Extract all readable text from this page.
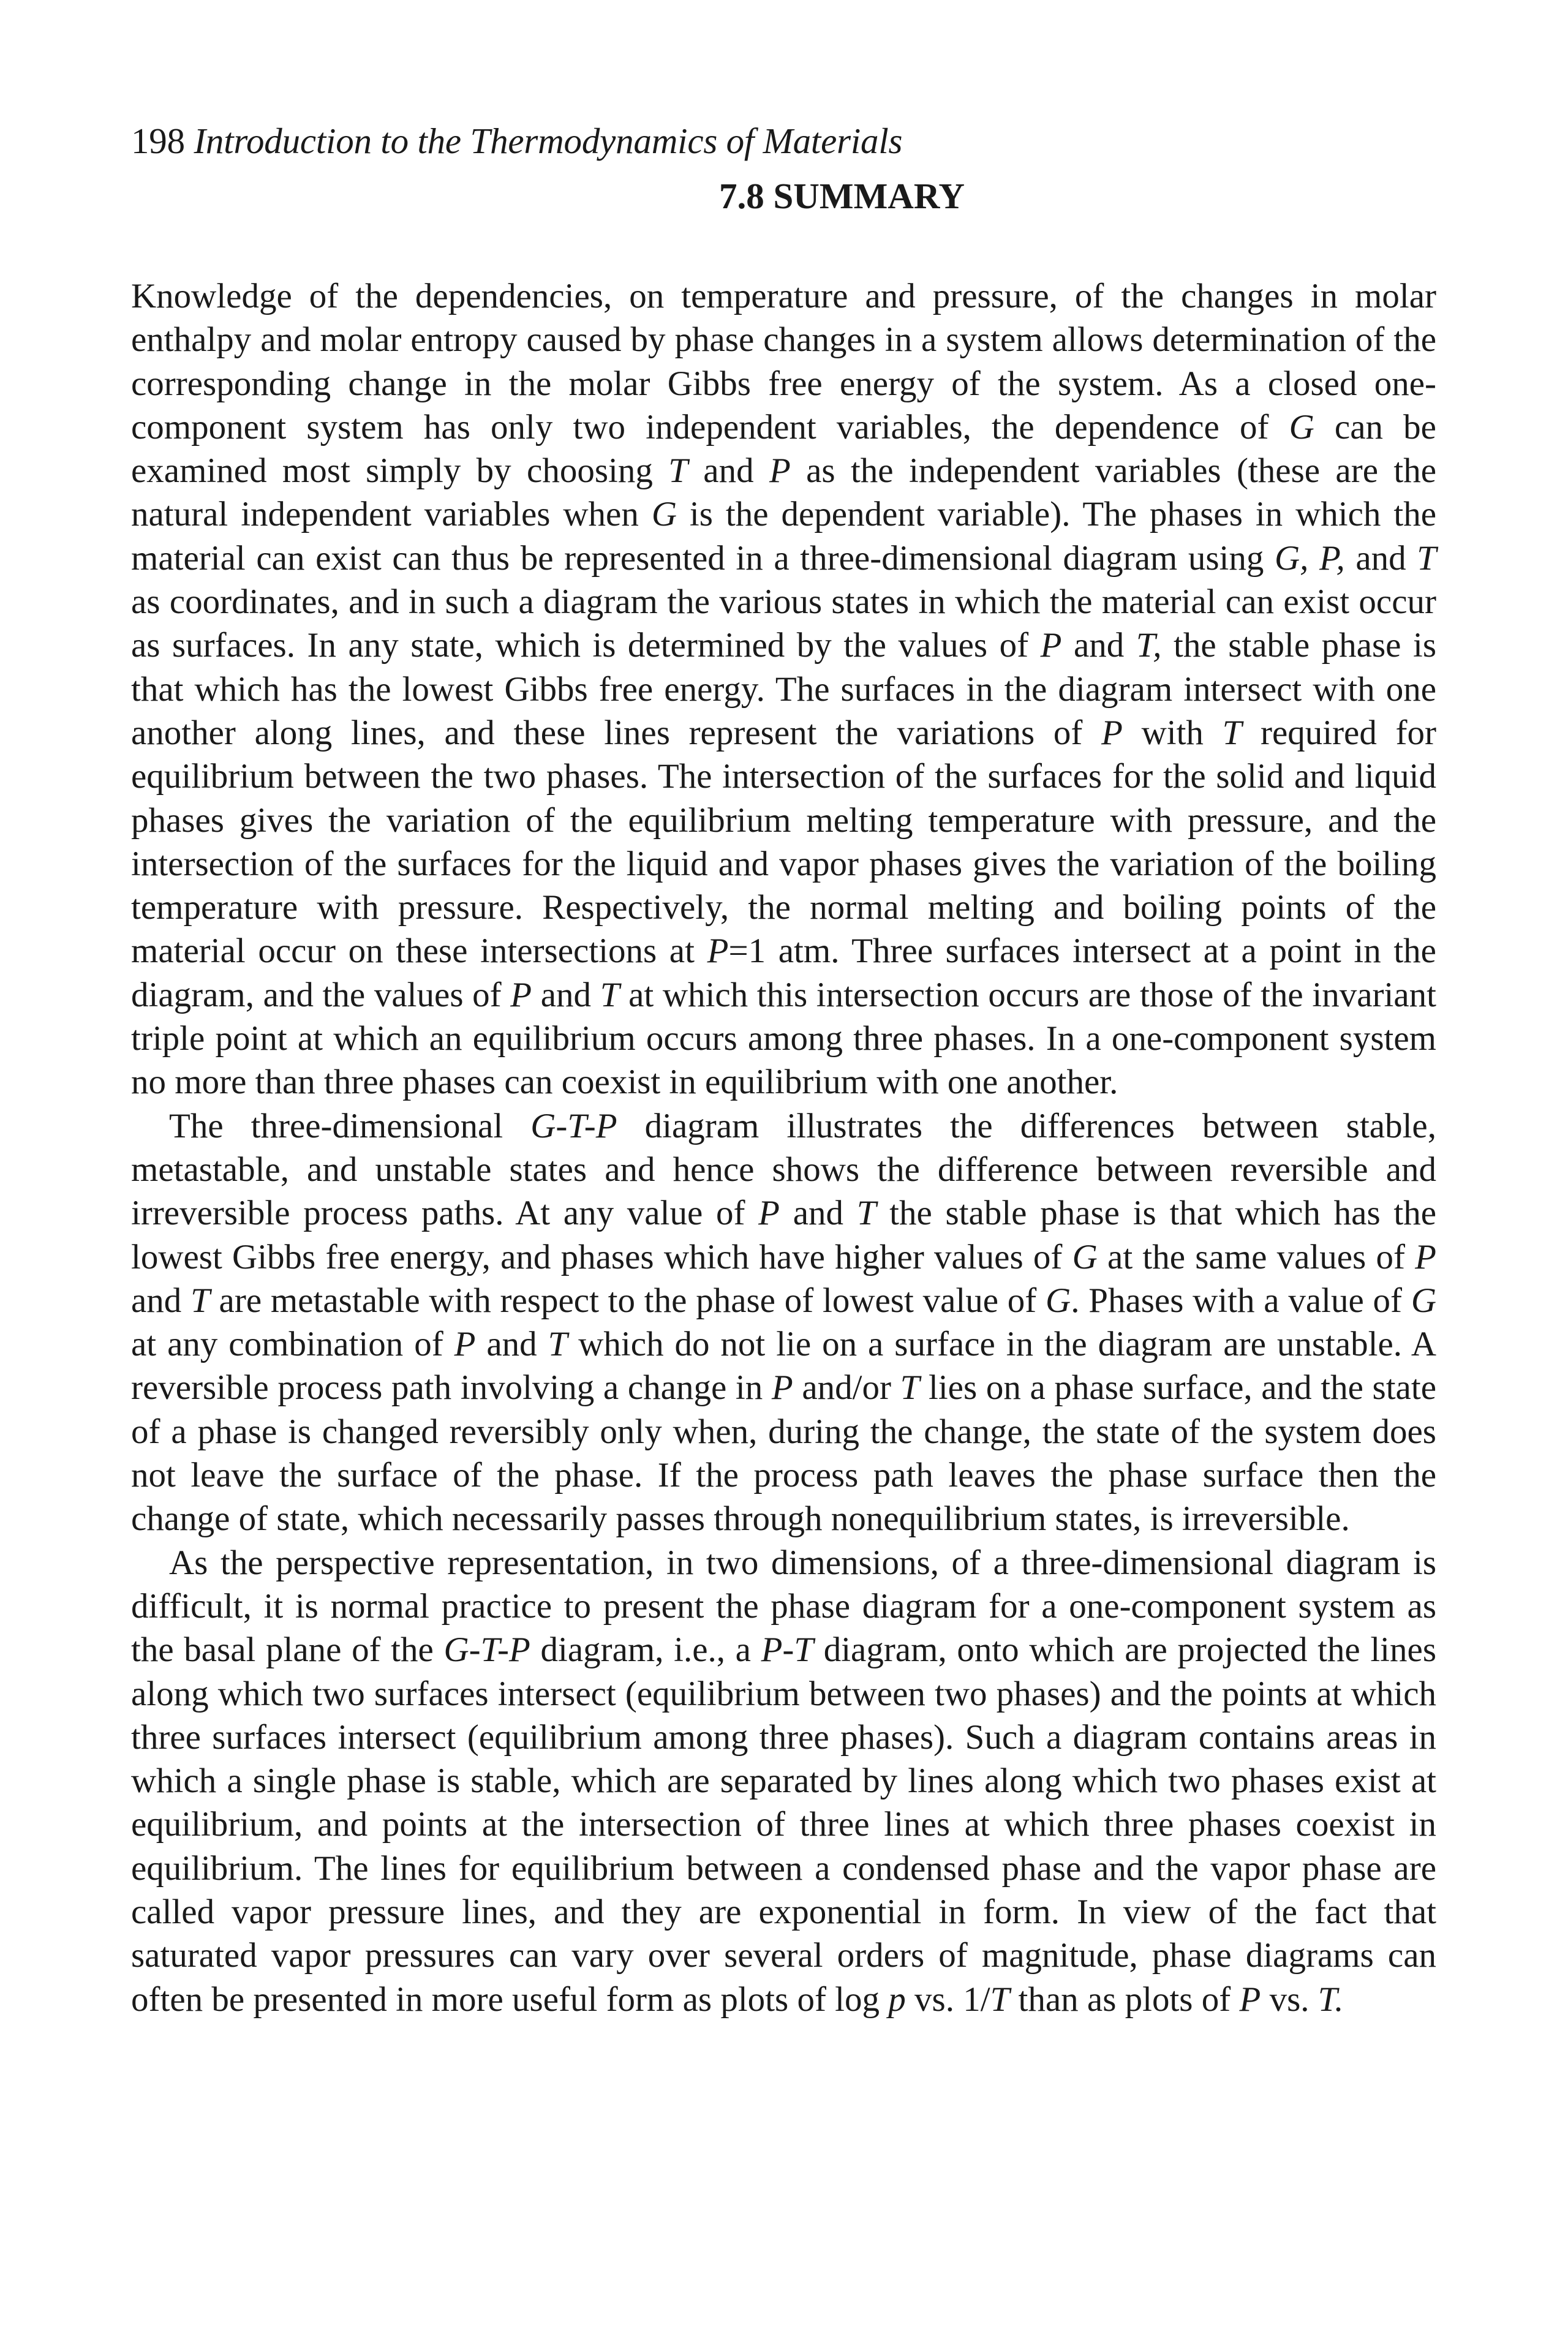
198 Introduction to the Thermodynamics of Materials

7.8 SUMMARY

Knowledge of the dependencies, on temperature and pressure, of the changes in molar enthalpy and molar entropy caused by phase changes in a system allows determination of the corresponding change in the molar Gibbs free energy of the system. As a closed one-component system has only two independent variables, the dependence of G can be examined most simply by choosing T and P as the independent variables (these are the natural independent variables when G is the dependent variable). The phases in which the material can exist can thus be represented in a three-dimensional diagram using G, P, and T as coordinates, and in such a diagram the various states in which the material can exist occur as surfaces. In any state, which is determined by the values of P and T, the stable phase is that which has the lowest Gibbs free energy. The surfaces in the diagram intersect with one another along lines, and these lines represent the variations of P with T required for equilibrium between the two phases. The intersection of the surfaces for the solid and liquid phases gives the variation of the equilibrium melting temperature with pressure, and the intersection of the surfaces for the liquid and vapor phases gives the variation of the boiling temperature with pressure. Respectively, the normal melting and boiling points of the material occur on these intersections at P=1 atm. Three surfaces intersect at a point in the diagram, and the values of P and T at which this intersection occurs are those of the invariant triple point at which an equilibrium occurs among three phases. In a one-component system no more than three phases can coexist in equilibrium with one another.

The three-dimensional G-T-P diagram illustrates the differences between stable, metastable, and unstable states and hence shows the difference between reversible and irreversible process paths. At any value of P and T the stable phase is that which has the lowest Gibbs free energy, and phases which have higher values of G at the same values of P and T are metastable with respect to the phase of lowest value of G. Phases with a value of G at any combination of P and T which do not lie on a surface in the diagram are unstable. A reversible process path involving a change in P and/or T lies on a phase surface, and the state of a phase is changed reversibly only when, during the change, the state of the system does not leave the surface of the phase. If the process path leaves the phase surface then the change of state, which necessarily passes through nonequilibrium states, is irreversible.

As the perspective representation, in two dimensions, of a three-dimensional diagram is difficult, it is normal practice to present the phase diagram for a one-component system as the basal plane of the G-T-P diagram, i.e., a P-T diagram, onto which are projected the lines along which two surfaces intersect (equilibrium between two phases) and the points at which three surfaces intersect (equilibrium among three phases). Such a diagram contains areas in which a single phase is stable, which are separated by lines along which two phases exist at equilibrium, and points at the intersection of three lines at which three phases coexist in equilibrium. The lines for equilibrium between a condensed phase and the vapor phase are called vapor pressure lines, and they are exponential in form. In view of the fact that saturated vapor pressures can vary over several orders of magnitude, phase diagrams can often be presented in more useful form as plots of log p vs. 1/T than as plots of P vs. T.
